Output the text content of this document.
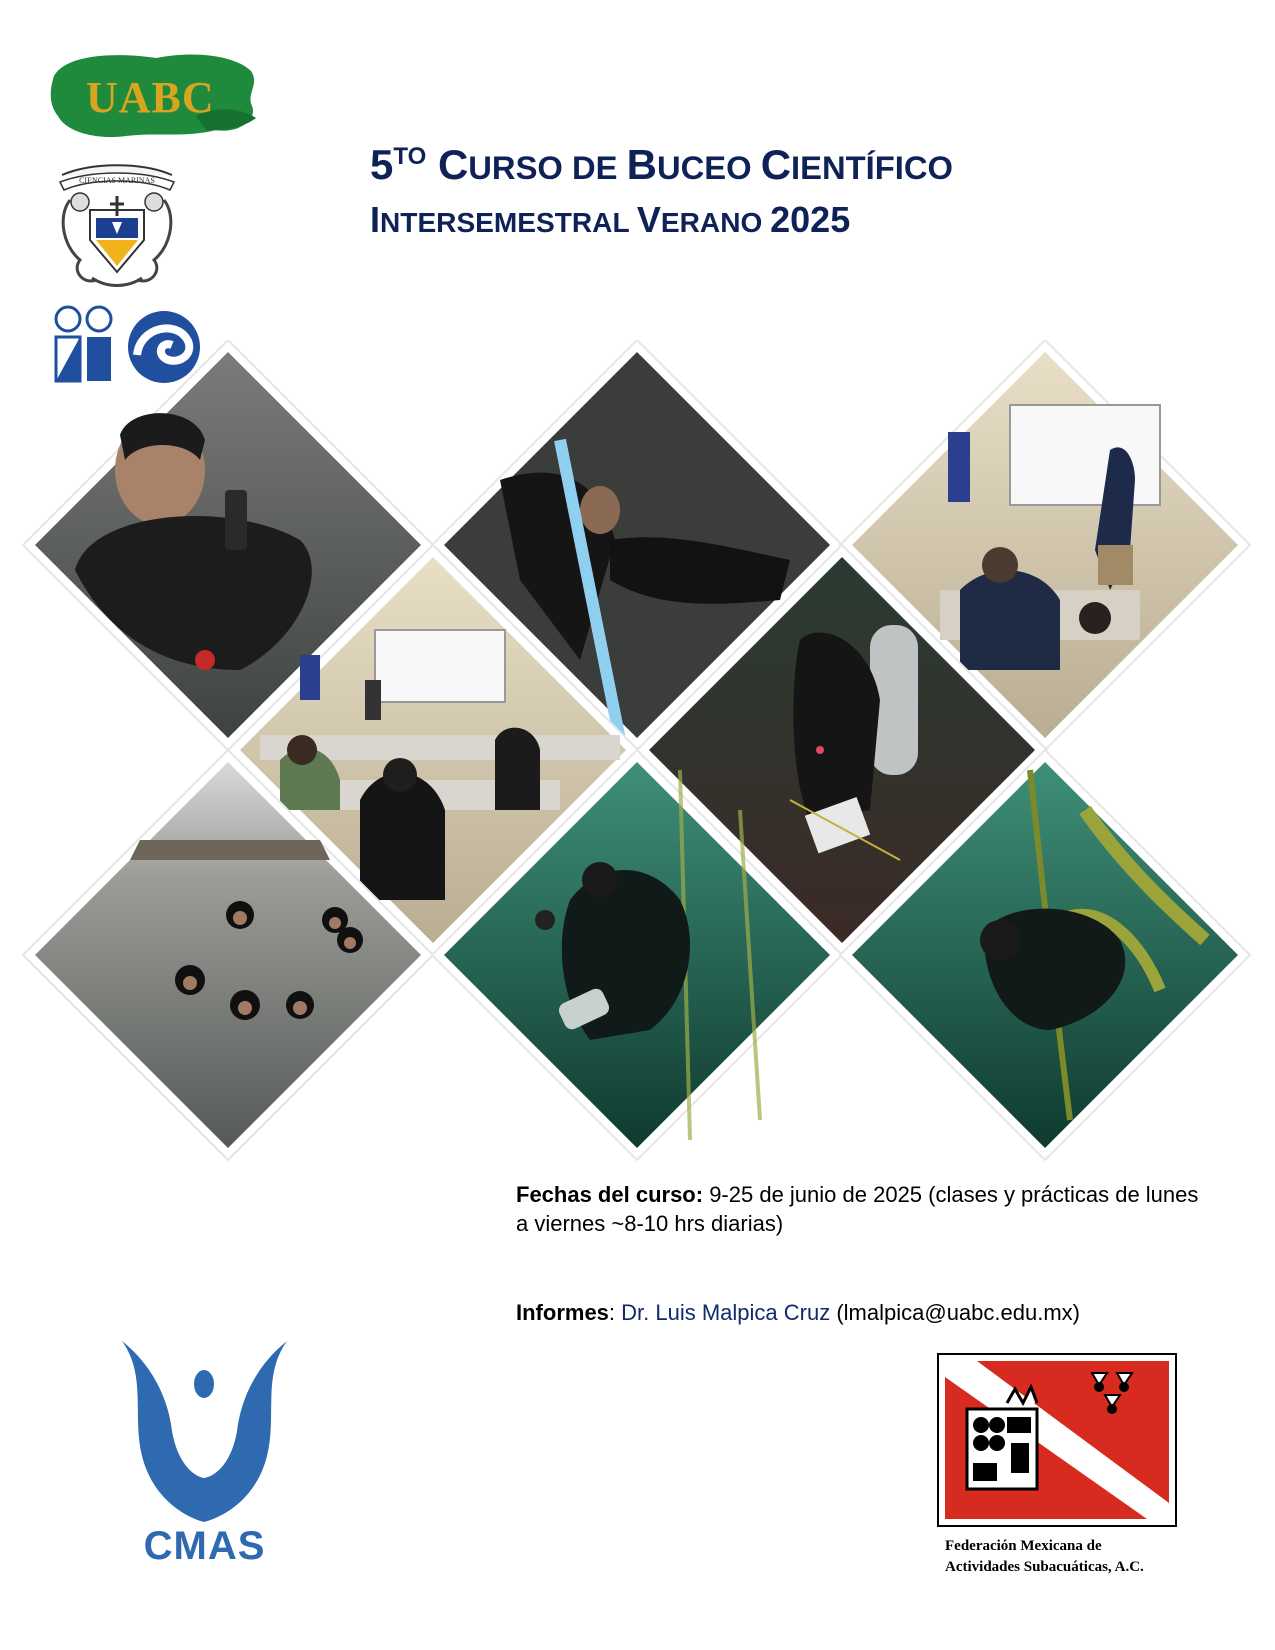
UABC
CIENCIAS MARINAS	$5^{TO}$ CURSO DE BUCEO CIENTÍFICO
INTERSEMESTRAL VERANO 2025
Fechas del curso: 9-25 de junio de 2025 (clases y prácticas de lunes a viernes ~8-10 hrs diarias)
Informes: Dr. Luis Malpica Cruz (lmalpica@uabc.edu.mx)
CMAS	Federación Mexicana de
Actividades Subacuáticas, A.C.
